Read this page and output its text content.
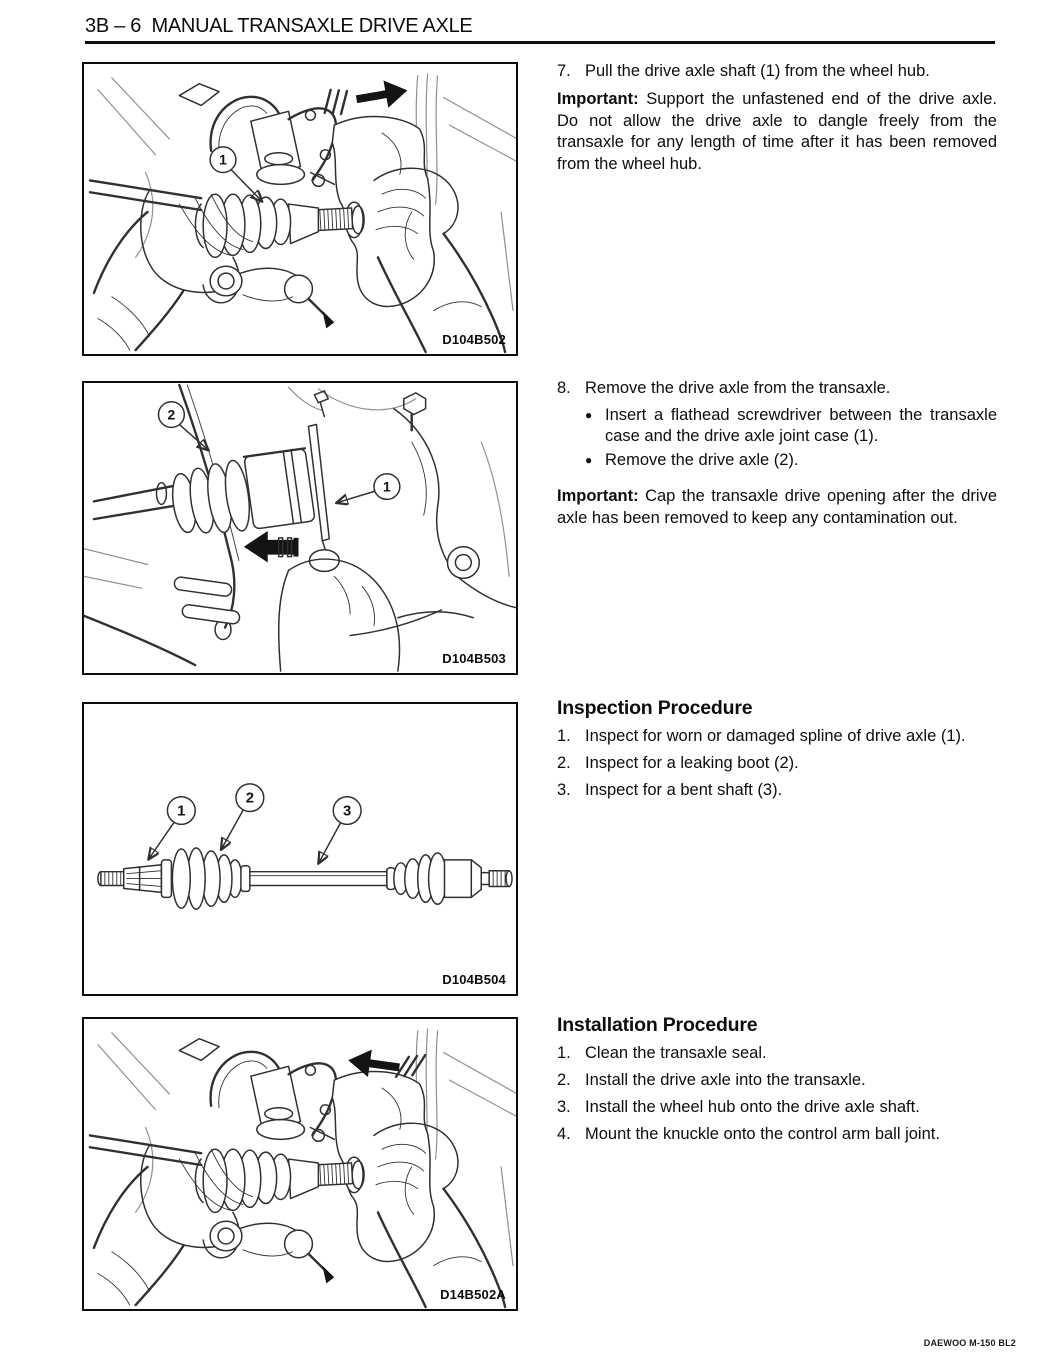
3B – 6  MANUAL TRANSAXLE DRIVE AXLE
1
D104B502
2
1
D104B503
1
2
3
D104B504
D14B502A
7. Pull the drive axle shaft (1) from the wheel hub.
Important: Support the unfastened end of the drive axle. Do not allow the drive axle to dangle freely from the transaxle for any length of time after it has been removed from the wheel hub.
8. Remove the drive axle from the transaxle.
● Insert a flathead screwdriver between the transaxle case and the drive axle joint case (1).
● Remove the drive axle (2).
Important: Cap the transaxle drive opening after the drive axle has been removed to keep any contamination out.
Inspection Procedure
1. Inspect for worn or damaged spline of drive axle (1).
2. Inspect for a leaking boot (2).
3. Inspect for a bent shaft (3).
Installation Procedure
1. Clean the transaxle seal.
2. Install the drive axle into the transaxle.
3. Install the wheel hub onto the drive axle shaft.
4. Mount the knuckle onto the control arm ball joint.
DAEWOO M-150 BL2
